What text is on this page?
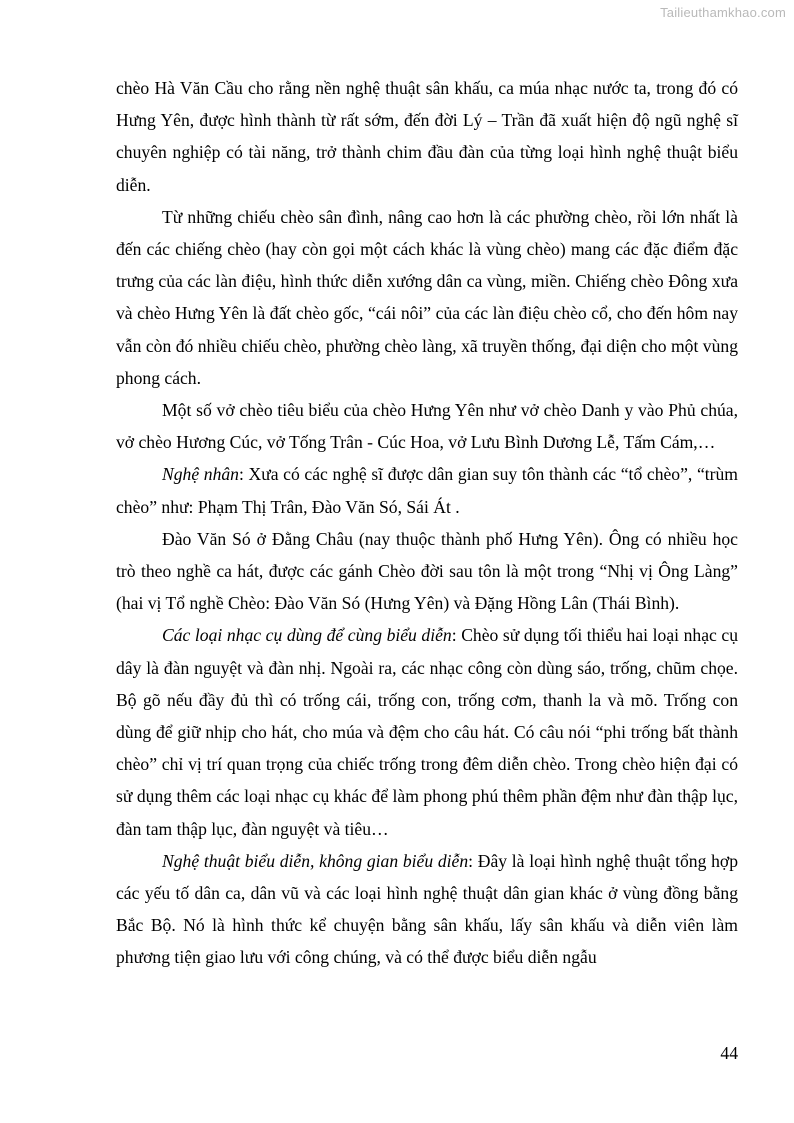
Tailieuthamkhao.com

chèo Hà Văn Cầu cho rằng nền nghệ thuật sân khấu, ca múa nhạc nước ta, trong đó có Hưng Yên, được hình thành từ rất sớm, đến đời Lý – Trần đã xuất hiện độ ngũ nghệ sĩ chuyên nghiệp có tài năng, trở thành chim đầu đàn của từng loại hình nghệ thuật biểu diễn.

Từ những chiếu chèo sân đình, nâng cao hơn là các phường chèo, rồi lớn nhất là đến các chiếng chèo (hay còn gọi một cách khác là vùng chèo) mang các đặc điểm đặc trưng của các làn điệu, hình thức diễn xướng dân ca vùng, miền. Chiếng chèo Đông xưa và chèo Hưng Yên là đất chèo gốc, “cái nôi” của các làn điệu chèo cổ, cho đến hôm nay vẫn còn đó nhiều chiếu chèo, phường chèo làng, xã truyền thống, đại diện cho một vùng phong cách.

Một số vở chèo tiêu biểu của chèo Hưng Yên như vở chèo Danh y vào Phủ chúa, vở chèo Hương Cúc, vở Tống Trân - Cúc Hoa, vở Lưu Bình Dương Lễ, Tấm Cám,…

Nghệ nhân: Xưa có các nghệ sĩ được dân gian suy tôn thành các “tổ chèo”, “trùm chèo” như: Phạm Thị Trân, Đào Văn Só, Sái Át .

Đào Văn Só ở Đằng Châu (nay thuộc thành phố Hưng Yên). Ông có nhiều học trò theo nghề ca hát, được các gánh Chèo đời sau tôn là một trong “Nhị vị Ông Làng” (hai vị Tổ nghề Chèo: Đào Văn Só (Hưng Yên) và Đặng Hồng Lân (Thái Bình).

Các loại nhạc cụ dùng để cùng biểu diễn: Chèo sử dụng tối thiểu hai loại nhạc cụ dây là đàn nguyệt và đàn nhị. Ngoài ra, các nhạc công còn dùng sáo, trống, chũm chọe. Bộ gõ nếu đầy đủ thì có trống cái, trống con, trống cơm, thanh la và mõ. Trống con dùng để giữ nhịp cho hát, cho múa và đệm cho câu hát. Có câu nói “phi trống bất thành chèo” chỉ vị trí quan trọng của chiếc trống trong đêm diễn chèo. Trong chèo hiện đại có sử dụng thêm các loại nhạc cụ khác để làm phong phú thêm phần đệm như đàn thập lục, đàn tam thập lục, đàn nguyệt và tiêu…

Nghệ thuật biểu diễn, không gian biểu diễn: Đây là loại hình nghệ thuật tổng hợp các yếu tố dân ca, dân vũ và các loại hình nghệ thuật dân gian khác ở vùng đồng bằng Bắc Bộ. Nó là hình thức kể chuyện bằng sân khấu, lấy sân khấu và diễn viên làm phương tiện giao lưu với công chúng, và có thể được biểu diễn ngẫu

44
